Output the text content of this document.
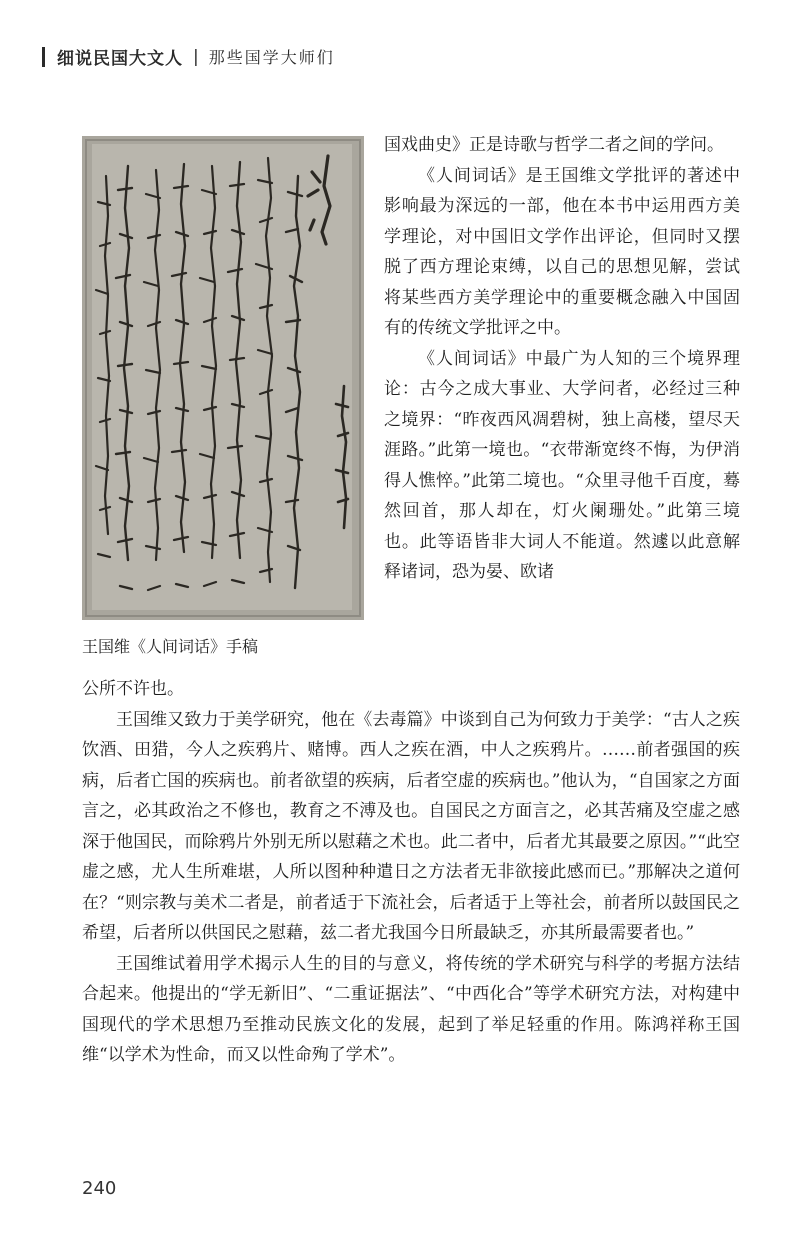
细说民国大文人 | 那些国学大师们
王国维《人间词话》手稿

国戏曲史》正是诗歌与哲学二者之间的学问。

《人间词话》是王国维文学批评的著述中影响最为深远的一部，他在本书中运用西方美学理论，对中国旧文学作出评论，但同时又摆脱了西方理论束缚，以自己的思想见解，尝试将某些西方美学理论中的重要概念融入中国固有的传统文学批评之中。

《人间词话》中最广为人知的三个境界理论：古今之成大事业、大学问者，必经过三种之境界：“昨夜西风凋碧树，独上高楼，望尽天涯路。”此第一境也。“衣带渐宽终不悔，为伊消得人憔悴。”此第二境也。“众里寻他千百度，蓦然回首，那人却在，灯火阑珊处。”此第三境也。此等语皆非大词人不能道。然遽以此意解释诸词，恐为晏、欧诸

公所不许也。

王国维又致力于美学研究，他在《去毒篇》中谈到自己为何致力于美学：“古人之疾饮酒、田猎，今人之疾鸦片、赌博。西人之疾在酒，中人之疾鸦片。……前者强国的疾病，后者亡国的疾病也。前者欲望的疾病，后者空虚的疾病也。”他认为，“自国家之方面言之，必其政治之不修也，教育之不溥及也。自国民之方面言之，必其苦痛及空虚之感深于他国民，而除鸦片外别无所以慰藉之术也。此二者中，后者尤其最要之原因。”“此空虚之感，尤人生所难堪，人所以图种种遣日之方法者无非欲接此感而已。”那解决之道何在？“则宗教与美术二者是，前者适于下流社会，后者适于上等社会，前者所以鼓国民之希望，后者所以供国民之慰藉，兹二者尤我国今日所最缺乏，亦其所最需要者也。”

王国维试着用学术揭示人生的目的与意义，将传统的学术研究与科学的考据方法结合起来。他提出的“学无新旧”、“二重证据法”、“中西化合”等学术研究方法，对构建中国现代的学术思想乃至推动民族文化的发展，起到了举足轻重的作用。陈鸿祥称王国维“以学术为性命，而又以性命殉了学术”。

240
